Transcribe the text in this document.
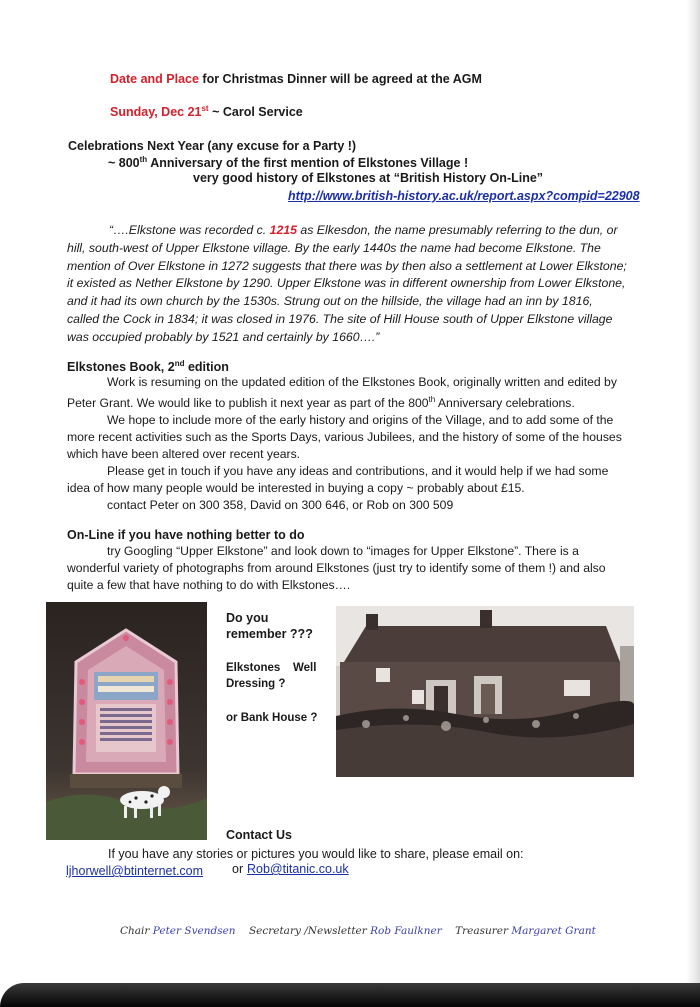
Date and Place for Christmas Dinner will be agreed at the AGM
Sunday, Dec 21st ~ Carol Service
Celebrations Next Year (any excuse for a Party !)
~ 800th Anniversary of the first mention of Elkstones Village !
very good history of Elkstones at “British History On-Line”
http://www.british-history.ac.uk/report.aspx?compid=22908

“….Elkstone was recorded c. 1215 as Elkesdon, the name presumably referring to the dun, or

hill, south-west of Upper Elkstone village. By the early 1440s the name had become Elkstone. The

mention of Over Elkstone in 1272 suggests that there was by then also a settlement at Lower Elkstone;

it existed as Nether Elkstone by 1290. Upper Elkstone was in different ownership from Lower Elkstone,

and it had its own church by the 1530s. Strung out on the hillside, the village had an inn by 1816,

called the Cock in 1834; it was closed in 1976. The site of Hill House south of Upper Elkstone village

was occupied probably by 1521 and certainly by 1660….”

Elkstones Book, 2nd edition

Work is resuming on the updated edition of the Elkstones Book, originally written and edited by

Peter Grant. We would like to publish it next year as part of the 800th Anniversary celebrations.

We hope to include more of the early history and origins of the Village, and to add some of the

more recent activities such as the Sports Days, various Jubilees, and the history of some of the houses

which have been altered over recent years.

Please get in touch if you have any ideas and contributions, and it would help if we had some

idea of how many people would be interested in buying a copy ~ probably about £15.

contact Peter on 300 358, David on 300 646, or Rob on 300 509

On-Line if you have nothing better to do

try Googling “Upper Elkstone” and look down to “images for Upper Elkstone”. There is a

wonderful variety of photographs from around Elkstones (just try to identify some of them !) and also

quite a few that have nothing to do with Elkstones….

Do you
remember ???
Elkstones Well
Dressing ?
or Bank House ?
Contact Us
If you have any stories or pictures you would like to share, please email on:
ljhorwell@btinternet.com or Rob@titanic.co.uk
Chair Peter Svendsen Secretary /Newsletter Rob Faulkner Treasurer Margaret Grant
